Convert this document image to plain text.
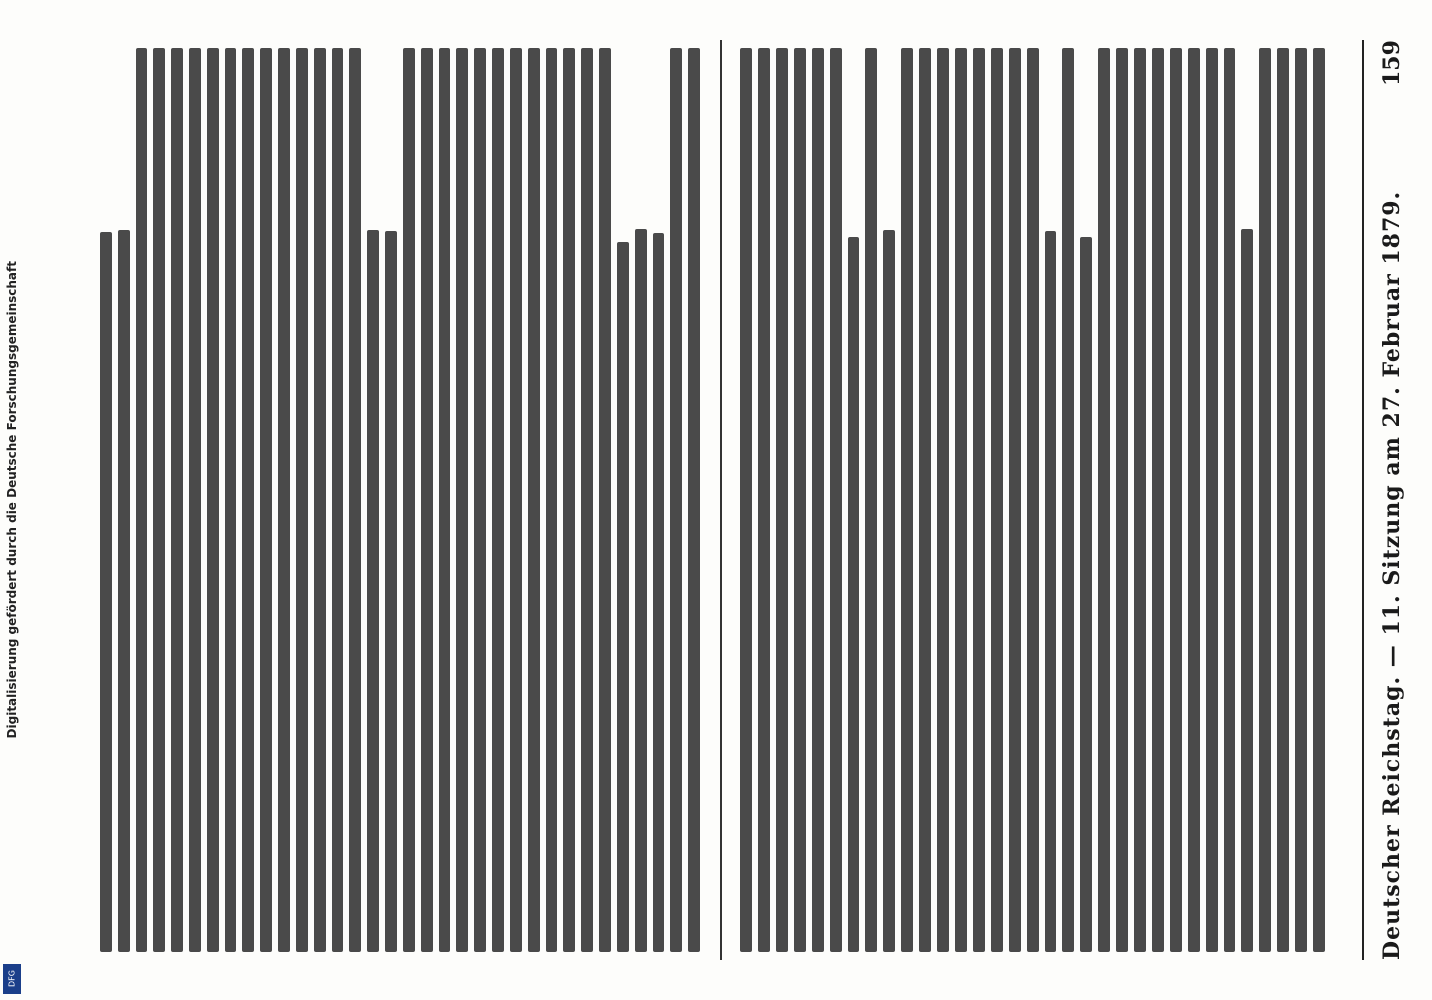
Digitalisierung gefördert durch die Deutsche Forschungsgemeinschaft
DFG
Deutscher Reichstag. — 11. Sitzung am 27. Februar 1879.
159
